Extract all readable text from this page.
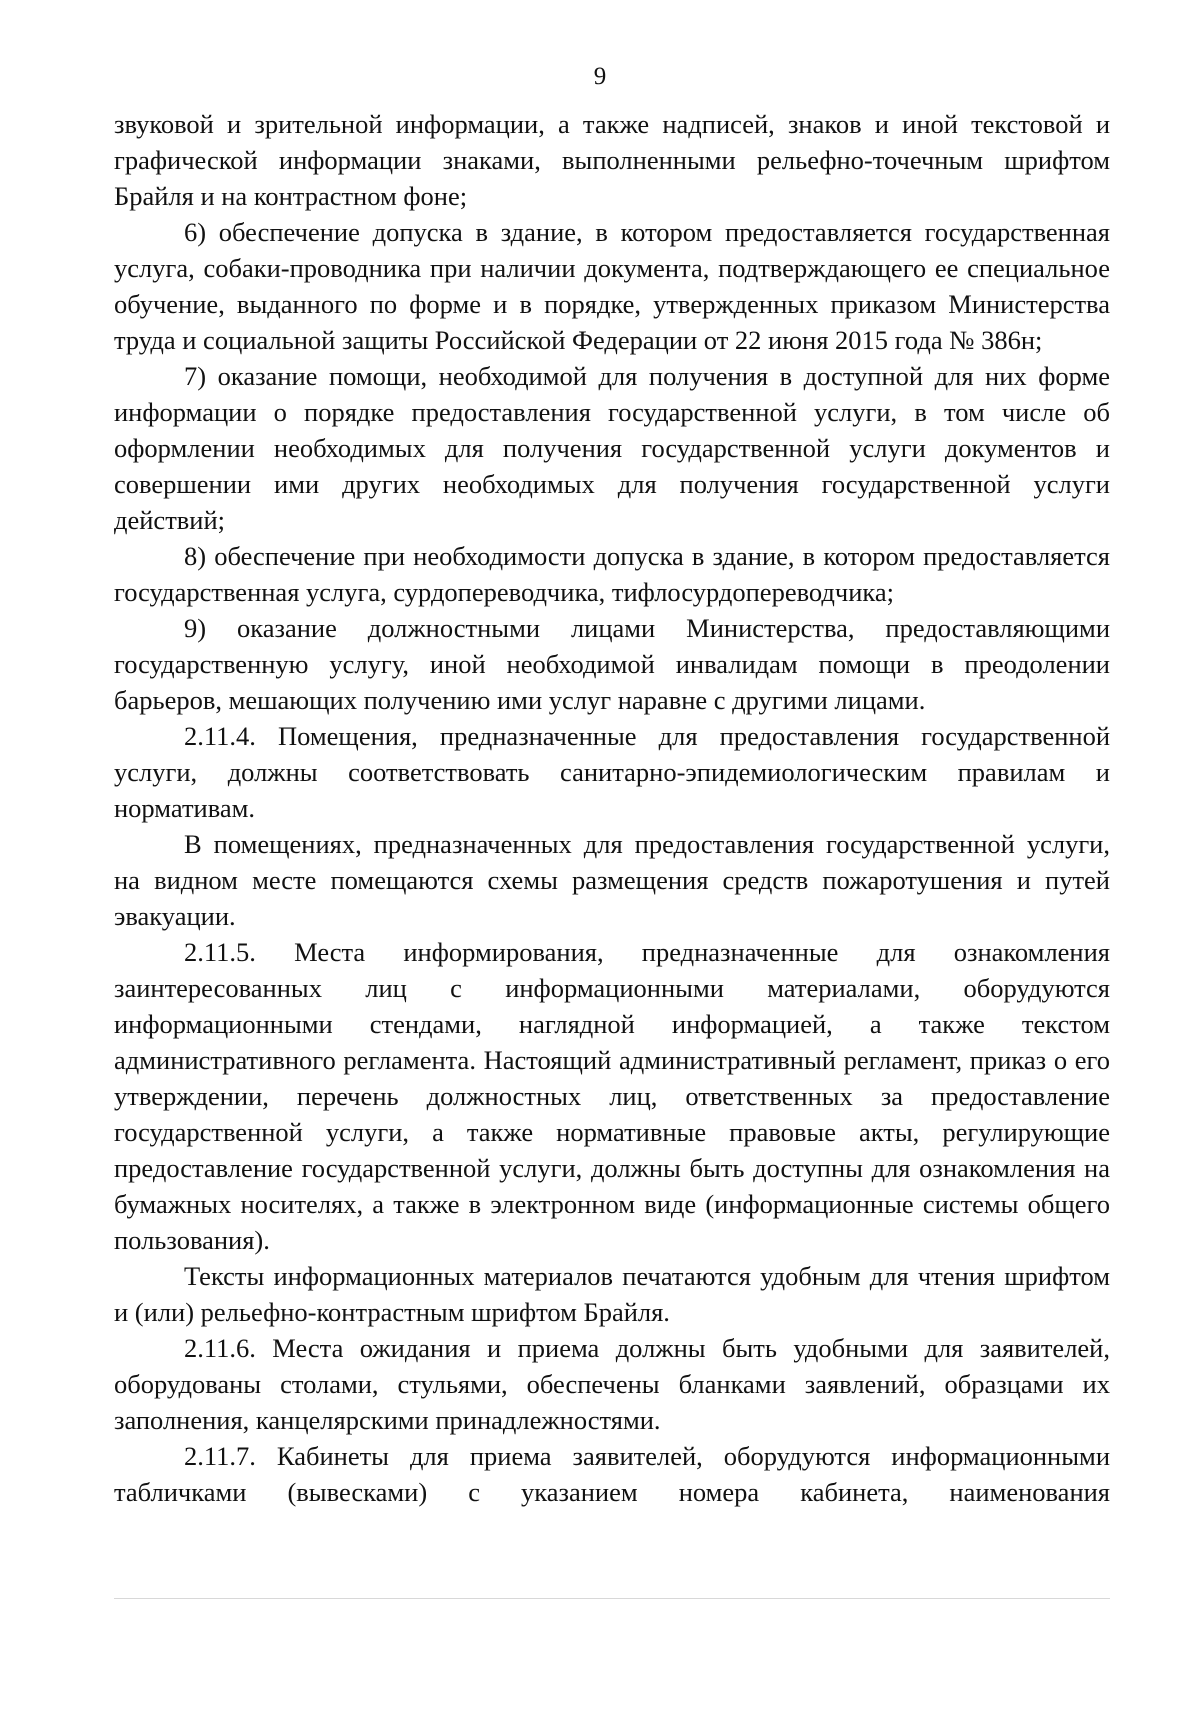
9

звуковой и зрительной информации, а также надписей, знаков и иной текстовой и графической информации знаками, выполненными рельефно-точечным шрифтом Брайля и на контрастном фоне;

6) обеспечение допуска в здание, в котором предоставляется государственная услуга, собаки-проводника при наличии документа, подтверждающего ее специальное обучение, выданного по форме и в порядке, утвержденных приказом Министерства труда и социальной защиты Российской Федерации от 22 июня 2015 года № 386н;

7) оказание помощи, необходимой для получения в доступной для них форме информации о порядке предоставления государственной услуги, в том числе об оформлении необходимых для получения государственной услуги документов и совершении ими других необходимых для получения государственной услуги действий;

8) обеспечение при необходимости допуска в здание, в котором предоставляется государственная услуга, сурдопереводчика, тифлосурдопереводчика;

9) оказание должностными лицами Министерства, предоставляющими государственную услугу, иной необходимой инвалидам помощи в преодолении барьеров, мешающих получению ими услуг наравне с другими лицами.

2.11.4. Помещения, предназначенные для предоставления государственной услуги, должны соответствовать санитарно-эпидемиологическим правилам и нормативам.

В помещениях, предназначенных для предоставления государственной услуги, на видном месте помещаются схемы размещения средств пожаротушения и путей эвакуации.

2.11.5. Места информирования, предназначенные для ознакомления заинтересованных лиц с информационными материалами, оборудуются информационными стендами, наглядной информацией, а также текстом административного регламента. Настоящий административный регламент, приказ о его утверждении, перечень должностных лиц, ответственных за предоставление государственной услуги, а также нормативные правовые акты, регулирующие предоставление государственной услуги, должны быть доступны для ознакомления на бумажных носителях, а также в электронном виде (информационные системы общего пользования).

Тексты информационных материалов печатаются удобным для чтения шрифтом и (или) рельефно-контрастным шрифтом Брайля.

2.11.6. Места ожидания и приема должны быть удобными для заявителей, оборудованы столами, стульями, обеспечены бланками заявлений, образцами их заполнения, канцелярскими принадлежностями.

2.11.7. Кабинеты для приема заявителей, оборудуются информационными табличками (вывесками) с указанием номера кабинета, наименования
